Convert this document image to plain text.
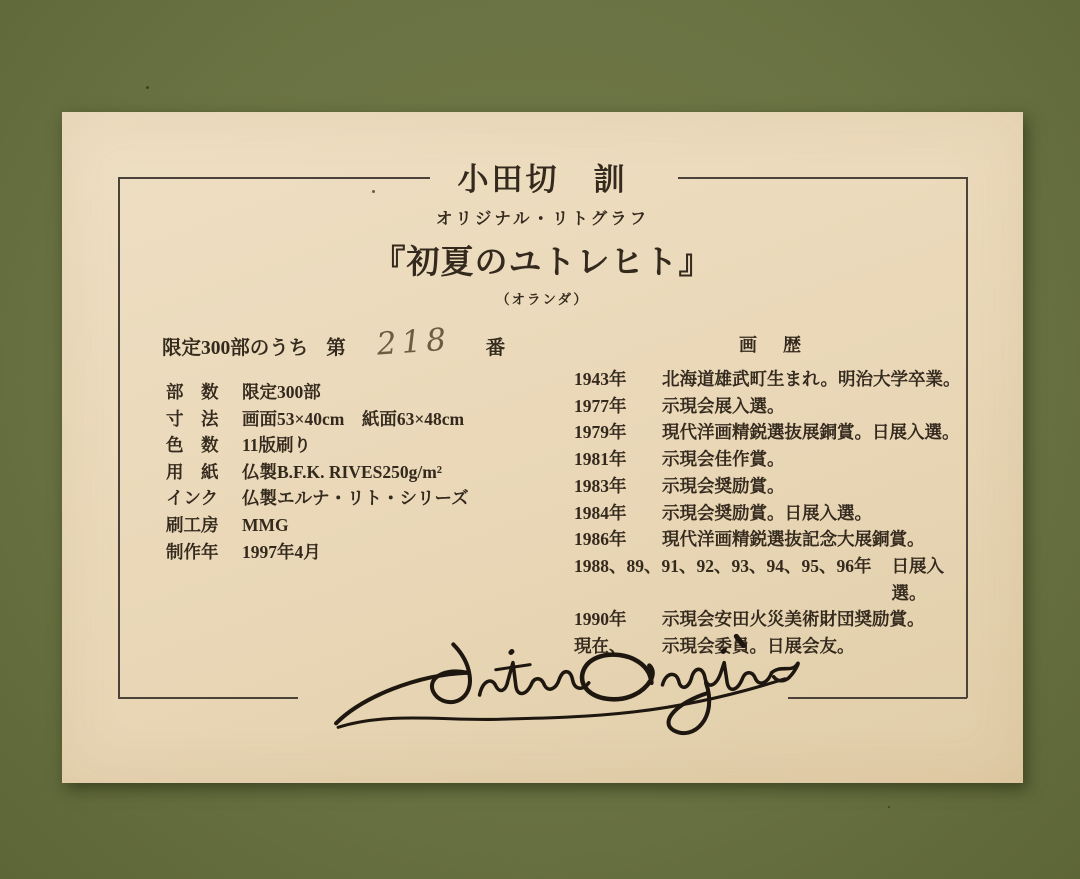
小田切　訓
オリジナル・リトグラフ
『初夏のユトレヒト』
（オランダ）
限定300部のうち 第 218	番
部　数	限定300部
寸　法	画面53×40cm　紙面63×48cm
色　数	11版刷り
用　紙	仏製B.F.K. RIVES250g/m²
インク	仏製エルナ・リト・シリーズ
刷工房	MMG
制作年	1997年4月
画　歴
1943年	北海道雄武町生まれ。明治大学卒業。
1977年	示現会展入選。
1979年	現代洋画精鋭選抜展銅賞。日展入選。
1981年	示現会佳作賞。
1983年	示現会奨励賞。
1984年	示現会奨励賞。日展入選。
1986年	現代洋画精鋭選抜記念大展銅賞。
1988、89、91、92、93、94、95、96年 日展入選。
1990年	示現会安田火災美術財団奨励賞。
現在、	示現会委員。日展会友。
